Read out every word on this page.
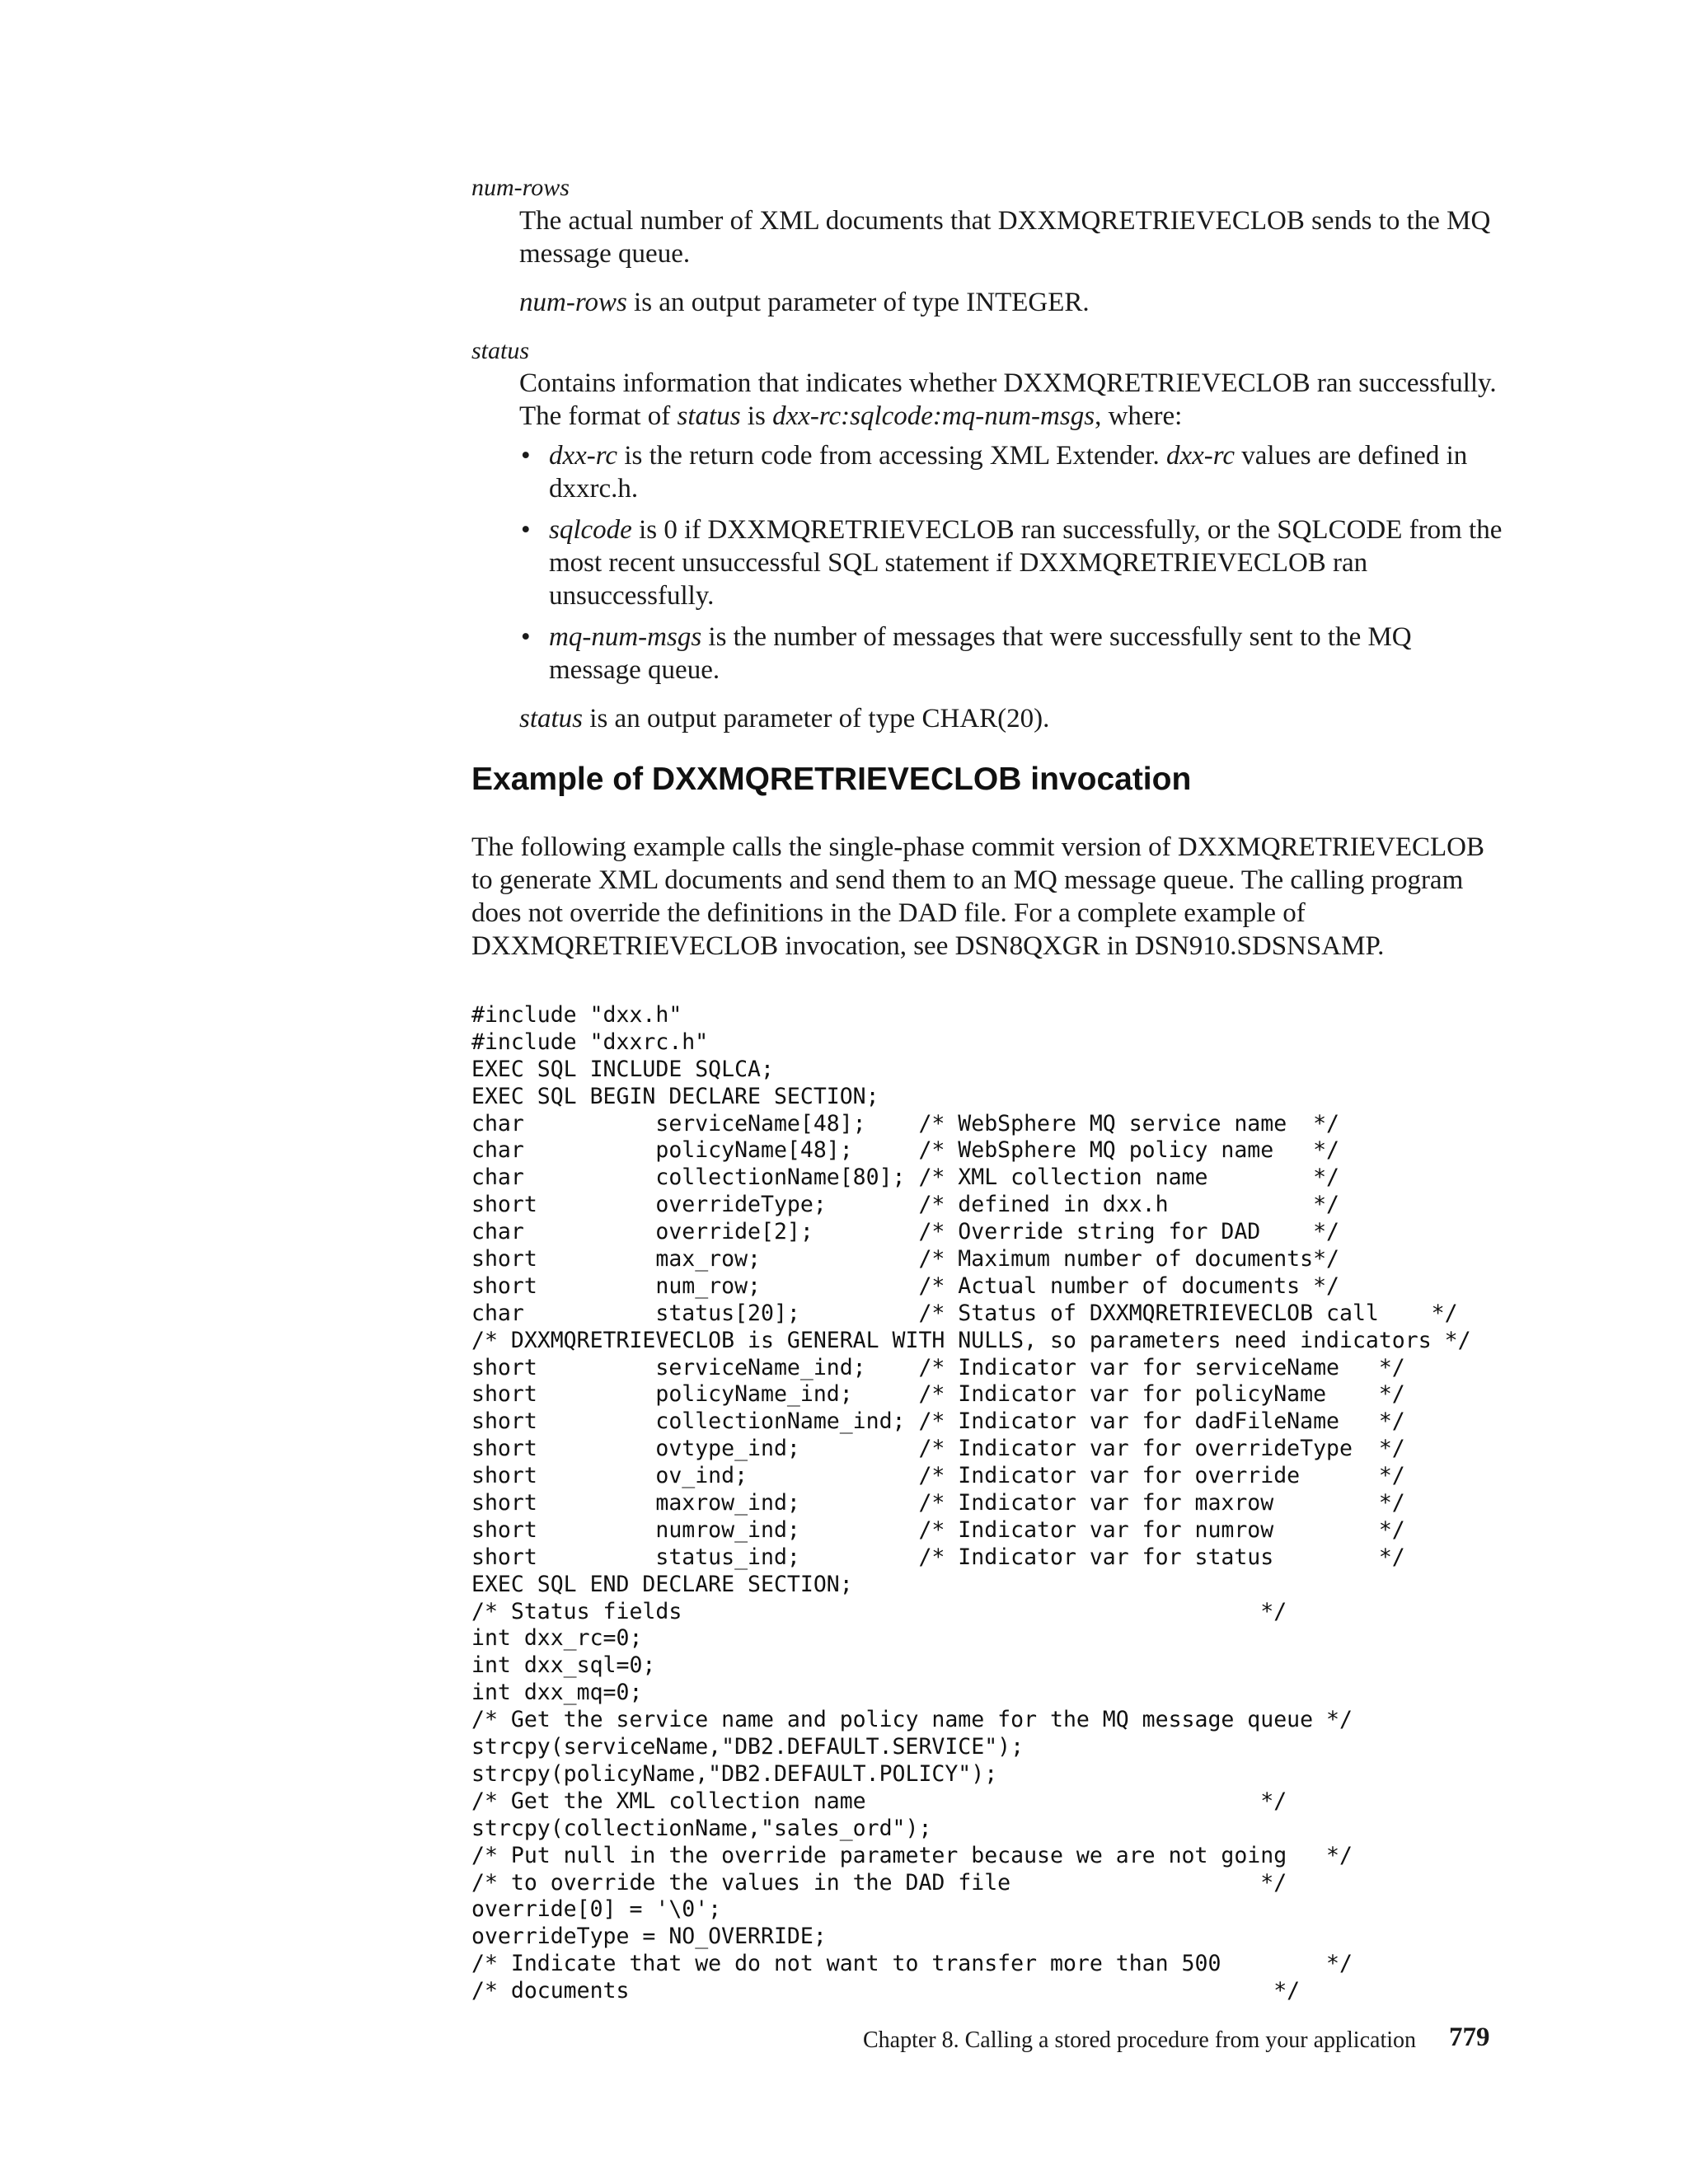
num-rows

The actual number of XML documents that DXXMQRETRIEVECLOB sends to the MQ message queue.

num-rows is an output parameter of type INTEGER.

status

Contains information that indicates whether DXXMQRETRIEVECLOB ran successfully. The format of status is dxx-rc:sqlcode:mq-num-msgs, where:

• dxx-rc is the return code from accessing XML Extender. dxx-rc values are defined in dxxrc.h.
• sqlcode is 0 if DXXMQRETRIEVECLOB ran successfully, or the SQLCODE from the most recent unsuccessful SQL statement if DXXMQRETRIEVECLOB ran unsuccessfully.
• mq-num-msgs is the number of messages that were successfully sent to the MQ message queue.

status is an output parameter of type CHAR(20).

Example of DXXMQRETRIEVECLOB invocation

The following example calls the single-phase commit version of DXXMQRETRIEVECLOB to generate XML documents and send them to an MQ message queue. The calling program does not override the definitions in the DAD file. For a complete example of DXXMQRETRIEVECLOB invocation, see DSN8QXGR in DSN910.SDSNSAMP.

#include "dxx.h"
#include "dxxrc.h"
EXEC SQL INCLUDE SQLCA;
EXEC SQL BEGIN DECLARE SECTION;
char          serviceName[48];    /* WebSphere MQ service name  */
char          policyName[48];     /* WebSphere MQ policy name   */
char          collectionName[80]; /* XML collection name        */
short         overrideType;       /* defined in dxx.h           */
char          override[2];        /* Override string for DAD    */
short         max_row;            /* Maximum number of documents*/
short         num_row;            /* Actual number of documents */
char          status[20];         /* Status of DXXMQRETRIEVECLOB call    */
/* DXXMQRETRIEVECLOB is GENERAL WITH NULLS, so parameters need indicators */
short         serviceName_ind;    /* Indicator var for serviceName   */
short         policyName_ind;     /* Indicator var for policyName    */
short         collectionName_ind; /* Indicator var for dadFileName   */
short         ovtype_ind;         /* Indicator var for overrideType  */
short         ov_ind;             /* Indicator var for override      */
short         maxrow_ind;         /* Indicator var for maxrow        */
short         numrow_ind;         /* Indicator var for numrow        */
short         status_ind;         /* Indicator var for status        */
EXEC SQL END DECLARE SECTION;
/* Status fields                                            */
int dxx_rc=0;
int dxx_sql=0;
int dxx_mq=0;
/* Get the service name and policy name for the MQ message queue */
strcpy(serviceName,"DB2.DEFAULT.SERVICE");
strcpy(policyName,"DB2.DEFAULT.POLICY");
/* Get the XML collection name                              */
strcpy(collectionName,"sales_ord");
/* Put null in the override parameter because we are not going   */
/* to override the values in the DAD file                   */
override[0] = '\0';
overrideType = NO_OVERRIDE;
/* Indicate that we do not want to transfer more than 500        */
/* documents                                                 */
Chapter 8. Calling a stored procedure from your application 779
